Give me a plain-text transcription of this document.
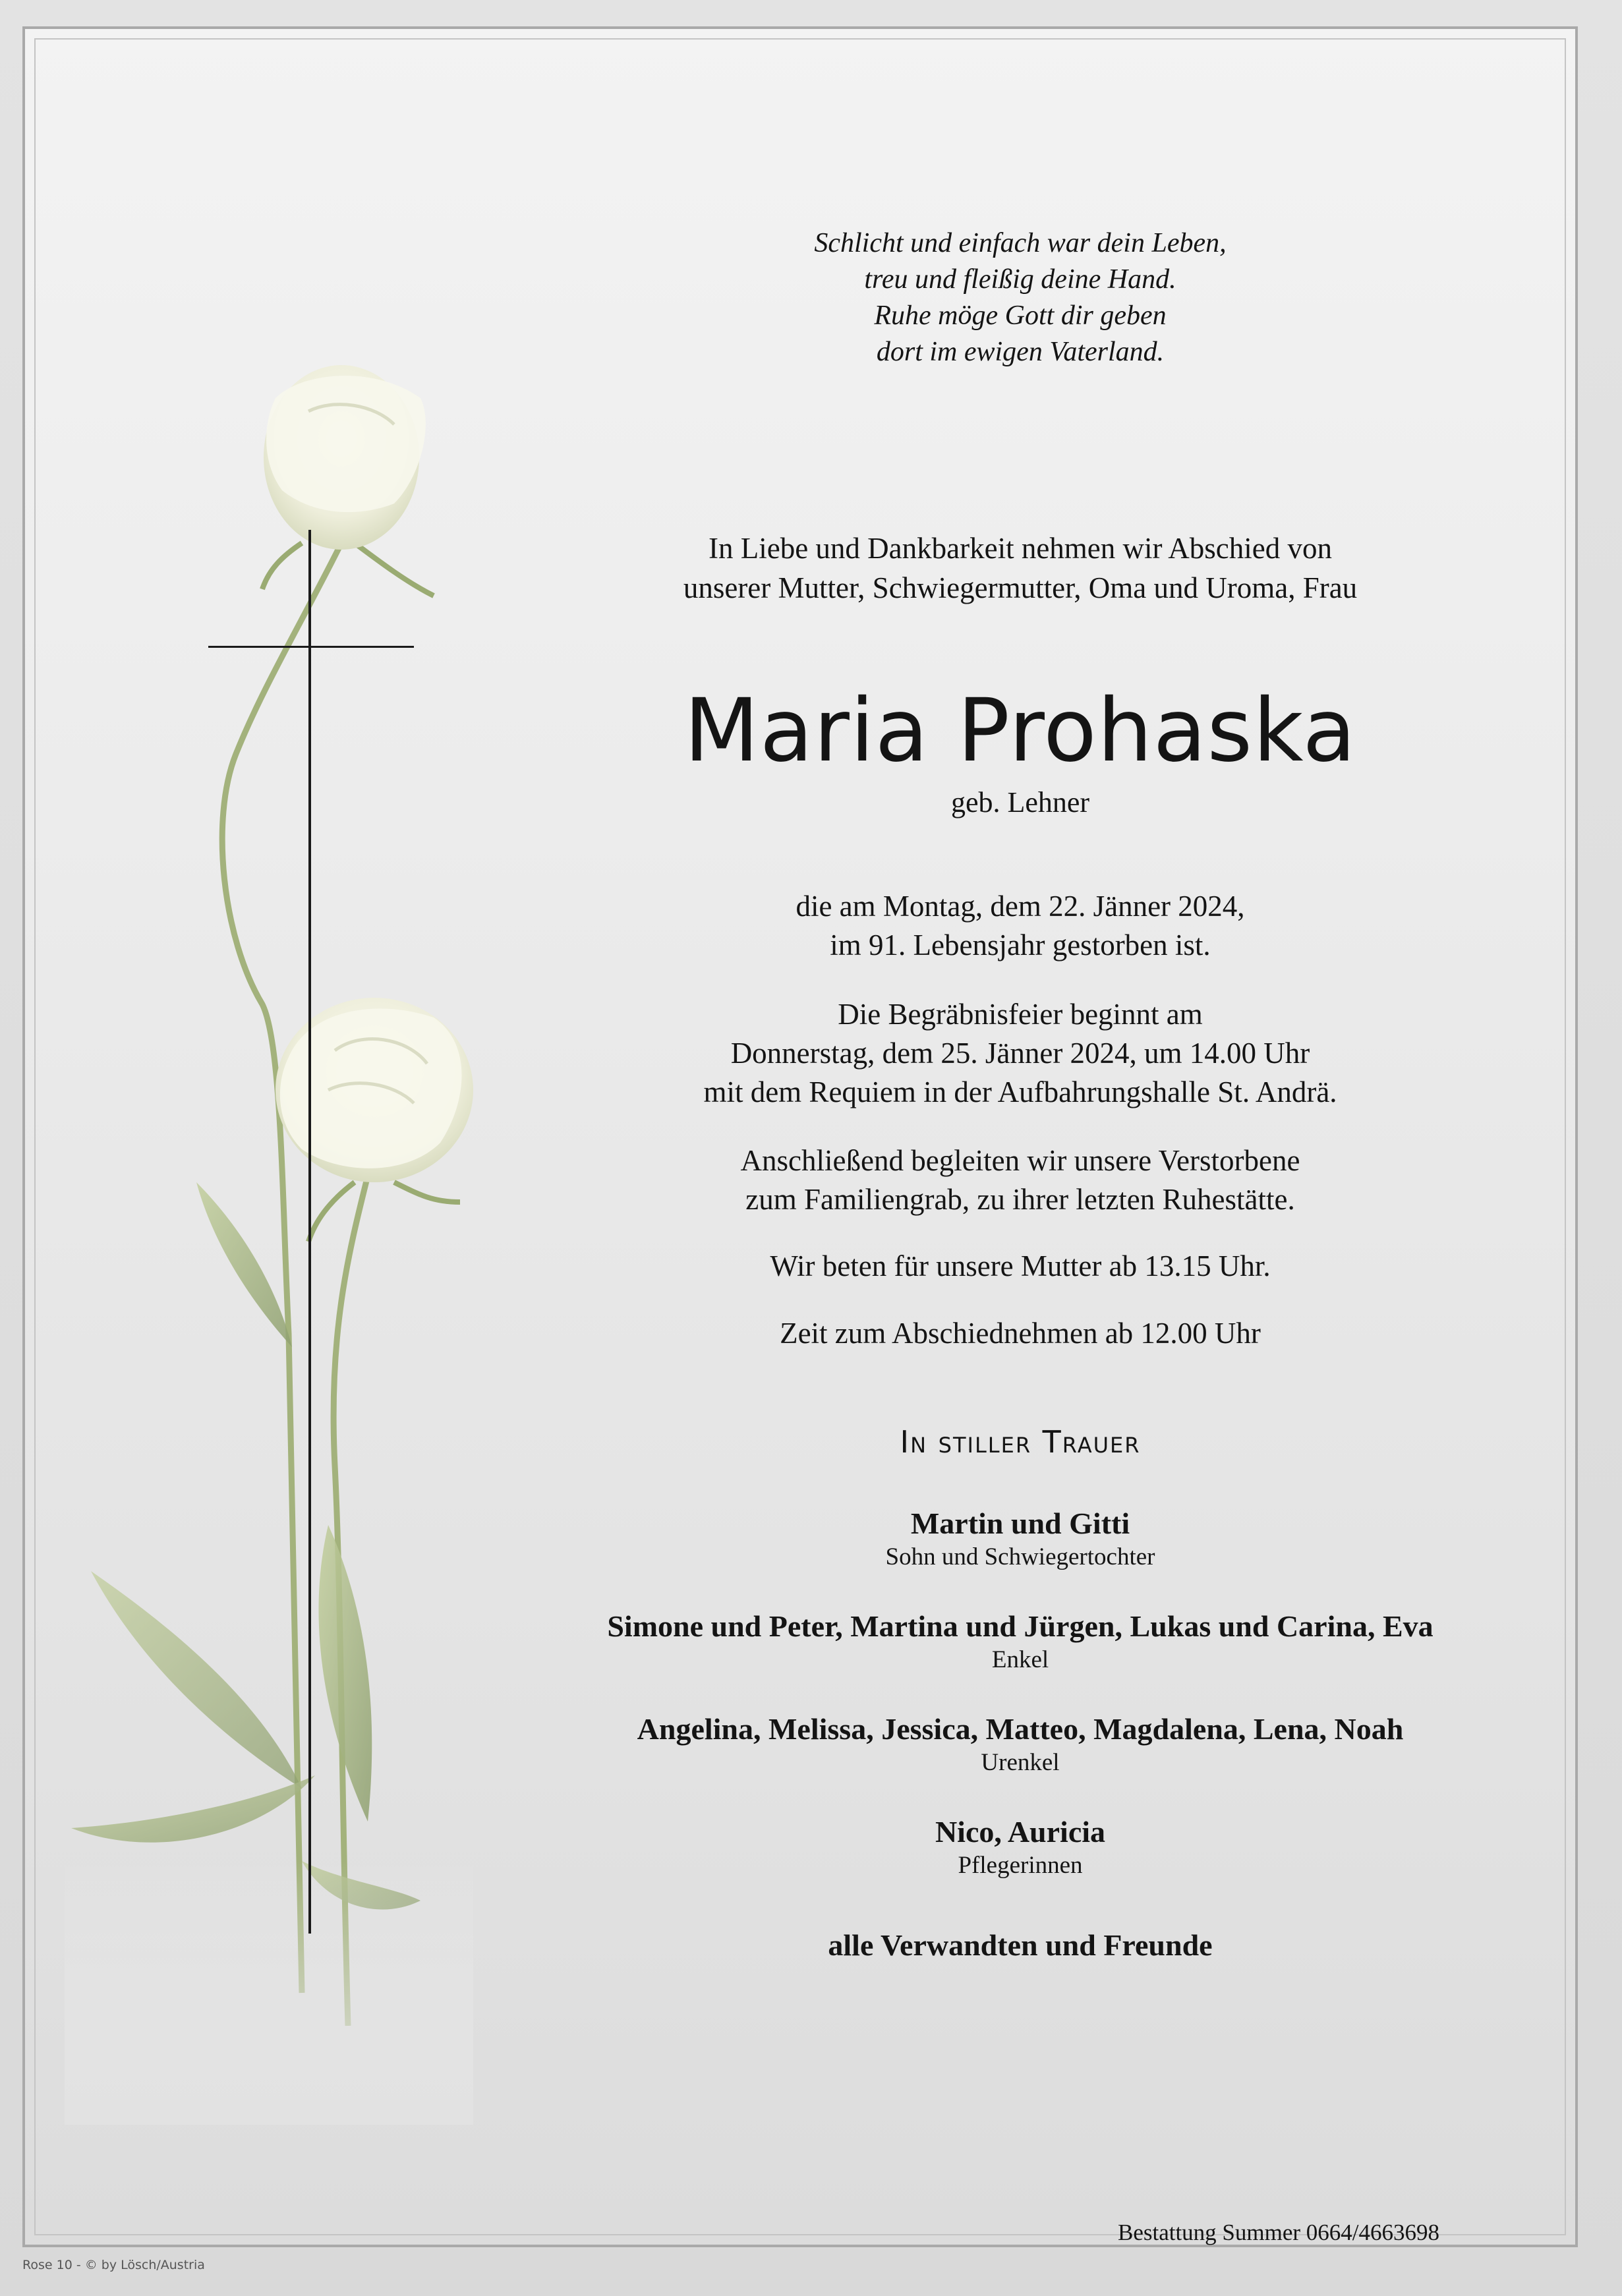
Schlicht und einfach war dein Leben,
treu und fleißig deine Hand.
Ruhe möge Gott dir geben
dort im ewigen Vaterland.
In Liebe und Dankbarkeit nehmen wir Abschied von
unserer Mutter, Schwiegermutter, Oma und Uroma, Frau
Maria Prohaska
geb. Lehner
die am Montag, dem 22. Jänner 2024,
im 91. Lebensjahr gestorben ist.
Die Begräbnisfeier beginnt am
Donnerstag, dem 25. Jänner 2024, um 14.00 Uhr
mit dem Requiem in der Aufbahrungshalle St. Andrä.
Anschließend begleiten wir unsere Verstorbene
zum Familiengrab, zu ihrer letzten Ruhestätte.
Wir beten für unsere Mutter ab 13.15 Uhr.
Zeit zum Abschiednehmen ab 12.00 Uhr
In stiller Trauer
Martin und Gitti
Sohn und Schwiegertochter
Simone und Peter, Martina und Jürgen, Lukas und Carina, Eva
Enkel
Angelina, Melissa, Jessica, Matteo, Magdalena, Lena, Noah
Urenkel
Nico, Auricia
Pflegerinnen
alle Verwandten und Freunde
Bestattung Summer 0664/4663698
Rose 10 - © by Lösch/Austria
